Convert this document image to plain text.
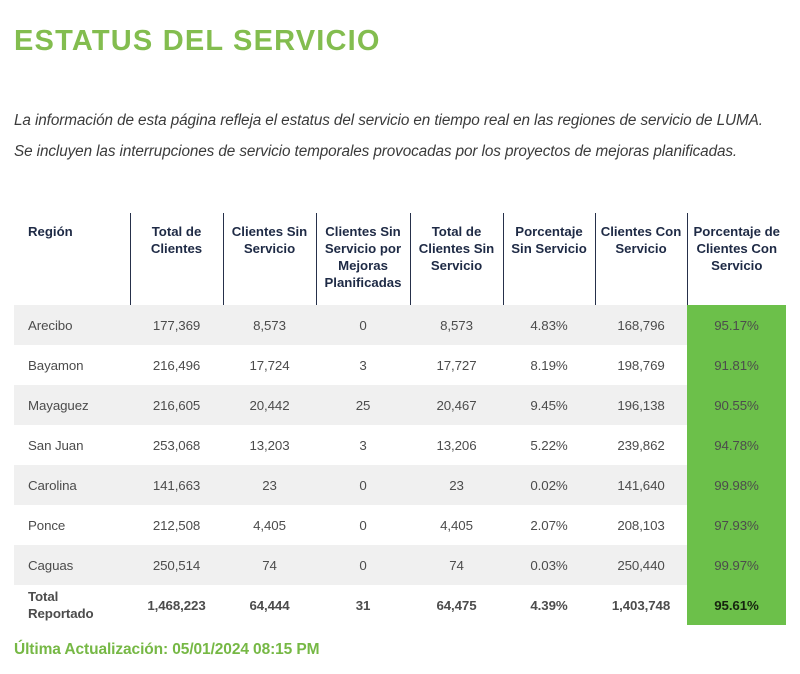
ESTATUS DEL SERVICIO

La información de esta página refleja el estatus del servicio en tiempo real en las regiones de servicio de LUMA. Se incluyen las interrupciones de servicio temporales provocadas por los proyectos de mejoras planificadas.

Región	Total de Clientes	Clientes Sin Servicio	Clientes Sin Servicio por Mejoras Planificadas	Total de Clientes Sin Servicio	Porcentaje Sin Servicio	Clientes Con Servicio	Porcentaje de Clientes Con Servicio
Arecibo	177,369	8,573	0	8,573	4.83%	168,796	95.17%
Bayamon	216,496	17,724	3	17,727	8.19%	198,769	91.81%
Mayaguez	216,605	20,442	25	20,467	9.45%	196,138	90.55%
San Juan	253,068	13,203	3	13,206	5.22%	239,862	94.78%
Carolina	141,663	23	0	23	0.02%	141,640	99.98%
Ponce	212,508	4,405	0	4,405	2.07%	208,103	97.93%
Caguas	250,514	74	0	74	0.03%	250,440	99.97%
Total Reportado	1,468,223	64,444	31	64,475	4.39%	1,403,748	95.61%
Última Actualización: 05/01/2024 08:15 PM
